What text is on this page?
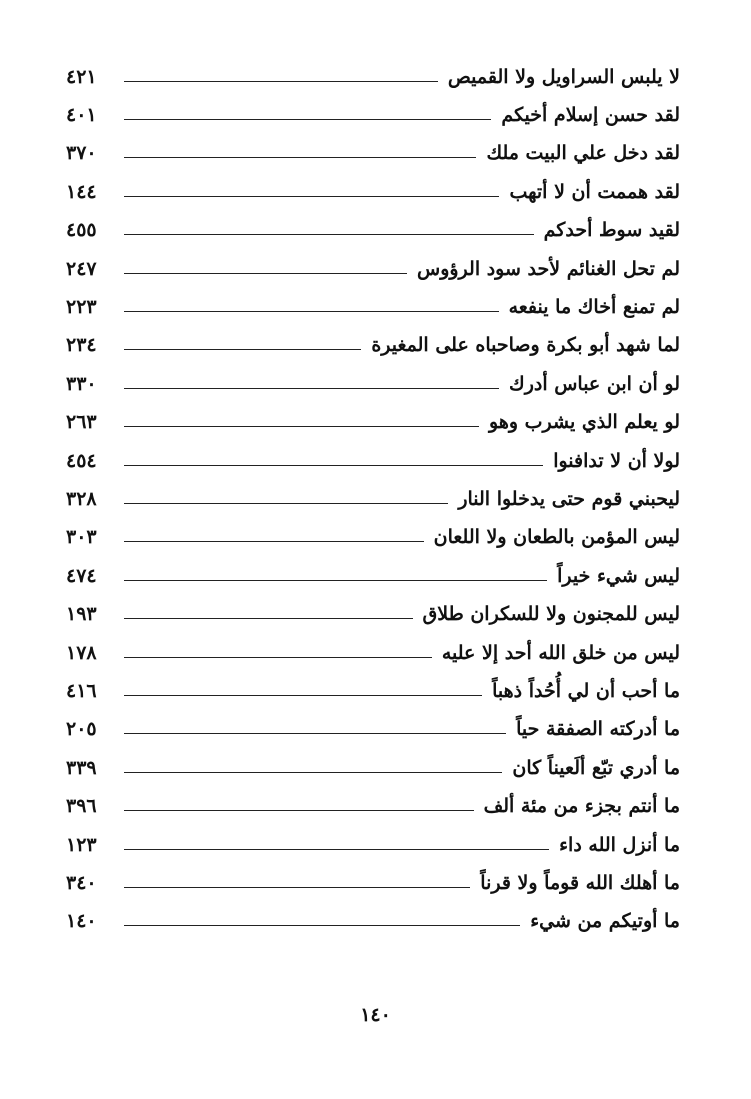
لا يلبس السراويل ولا القميص
٤٢١
لقد حسن إسلام أخيكم
٤٠١
لقد دخل علي البيت ملك
٣٧٠
لقد هممت أن لا أتهب
١٤٤
لقيد سوط أحدكم
٤٥٥
لم تحل الغنائم لأحد سود الرؤوس
٢٤٧
لم تمنع أخاك ما ينفعه
٢٢٣
لما شهد أبو بكرة وصاحباه على المغيرة
٢٣٤
لو أن ابن عباس أدرك
٣٣٠
لو يعلم الذي يشرب وهو
٢٦٣
لولا أن لا تدافنوا
٤٥٤
ليحبني قوم حتى يدخلوا النار
٣٢٨
ليس المؤمن بالطعان ولا اللعان
٣٠٣
ليس شيء خيراً
٤٧٤
ليس للمجنون ولا للسكران طلاق
١٩٣
ليس من خلق الله أحد إلا عليه
١٧٨
ما أحب أن لي أُحُداً ذهباً
٤١٦
ما أدركته الصفقة حياً
٢٠٥
ما أدري تبّع ألَعيناً كان
٣٣٩
ما أنتم بجزء من مئة ألف
٣٩٦
ما أنزل الله داء
١٢٣
ما أهلك الله قوماً ولا قرناً
٣٤٠
ما أوتيكم من شيء
١٤٠
١٤٠
